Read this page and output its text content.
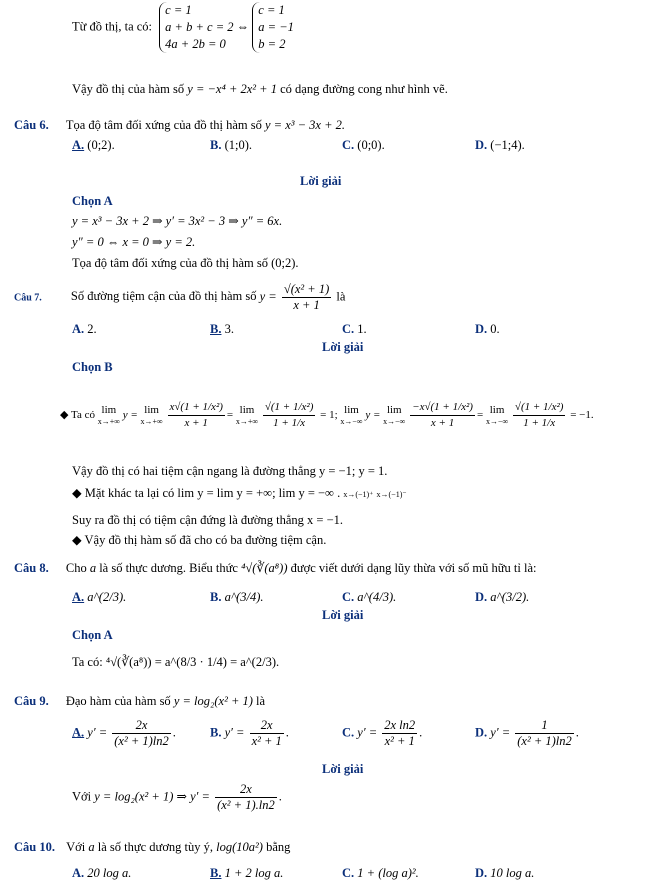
Từ đồ thị, ta có:
c = 1
a + b + c = 2
4a + 2b = 0
⇔
c = 1
a = −1
b = 2
Vậy đồ thị của hàm số y = −x⁴ + 2x² + 1 có dạng đường cong như hình vẽ.
Câu 6. Tọa độ tâm đối xứng của đồ thị hàm số y = x³ − 3x + 2.
A. (0;2).	B. (1;0).	C. (0;0).	D. (−1;4).
Lời giải
Chọn A
y = x³ − 3x + 2 ⇒ y′ = 3x² − 3 ⇒ y″ = 6x.
y″ = 0 ⇔ x = 0 ⇒ y = 2.
Tọa độ tâm đối xứng của đồ thị hàm số (0;2).
Câu 7. Số đường tiệm cận của đồ thị hàm số $y = \frac{\text{√(x² + 1)}}{x + 1}$ là
A. 2.	B. 3.	C. 1.	D. 0.
Lời giải
Chọn B
◆ Ta có lim
x→+∞ y = lim
x→+∞
$\frac{\text{x√(1 + 1/x²)}}{x + 1} = \lim$
x→+∞
$\frac{\text{√(1 + 1/x²)}}{1 + 1/x} = 1$; lim
x→−∞ y = lim
x→−∞
$\frac{\text{−x√(1 + 1/x²)}}{x + 1} = \lim$
x→−∞
$\frac{\text{√(1 + 1/x²)}}{1 + 1/x} = -1$.
Vậy đồ thị có hai tiệm cận ngang là đường thẳng y = −1; y = 1.
◆ Mặt khác ta lại có lim y = lim y = +∞; lim y = −∞ . x→(−1)⁺ x→(−1)⁻
Suy ra đồ thị có tiệm cận đứng là đường thẳng x = −1.
◆ Vậy đồ thị hàm số đã cho có ba đường tiệm cận.
Câu 8. Cho a là số thực dương. Biểu thức ⁴√(∛(a⁸)) được viết dưới dạng lũy thừa với số mũ hữu tỉ là:
A. a^(2/3).	B. a^(3/4).	C. a^(4/3).	D. a^(3/2).
Lời giải
Chọn A
Ta có: ⁴√(∛(a⁸)) = a^(8/3 · 1/4) = a^(2/3).
Câu 9. Đạo hàm của hàm số y = log₂(x² + 1) là
A. $y' = \frac{2x}{\text{(x² + 1)ln2}}$ .	B. $y' = \frac{2x}{\text{x² + 1}}$ .	C. $y' = \frac{\text{2x ln2}}{\text{x² + 1}}$ .	D. $y' = \frac{1}{\text{(x² + 1)ln2}}$ .
Lời giải
Với y = log₂(x² + 1) ⇒ $y' = \frac{2x}{\text{(x² + 1).ln2}}$ .
Câu 10. Với a là số thực dương tùy ý, log(10a²) bằng
A. 20 log a.	B. 1 + 2 log a.	C. 1 + (log a)².	D. 10 log a.
